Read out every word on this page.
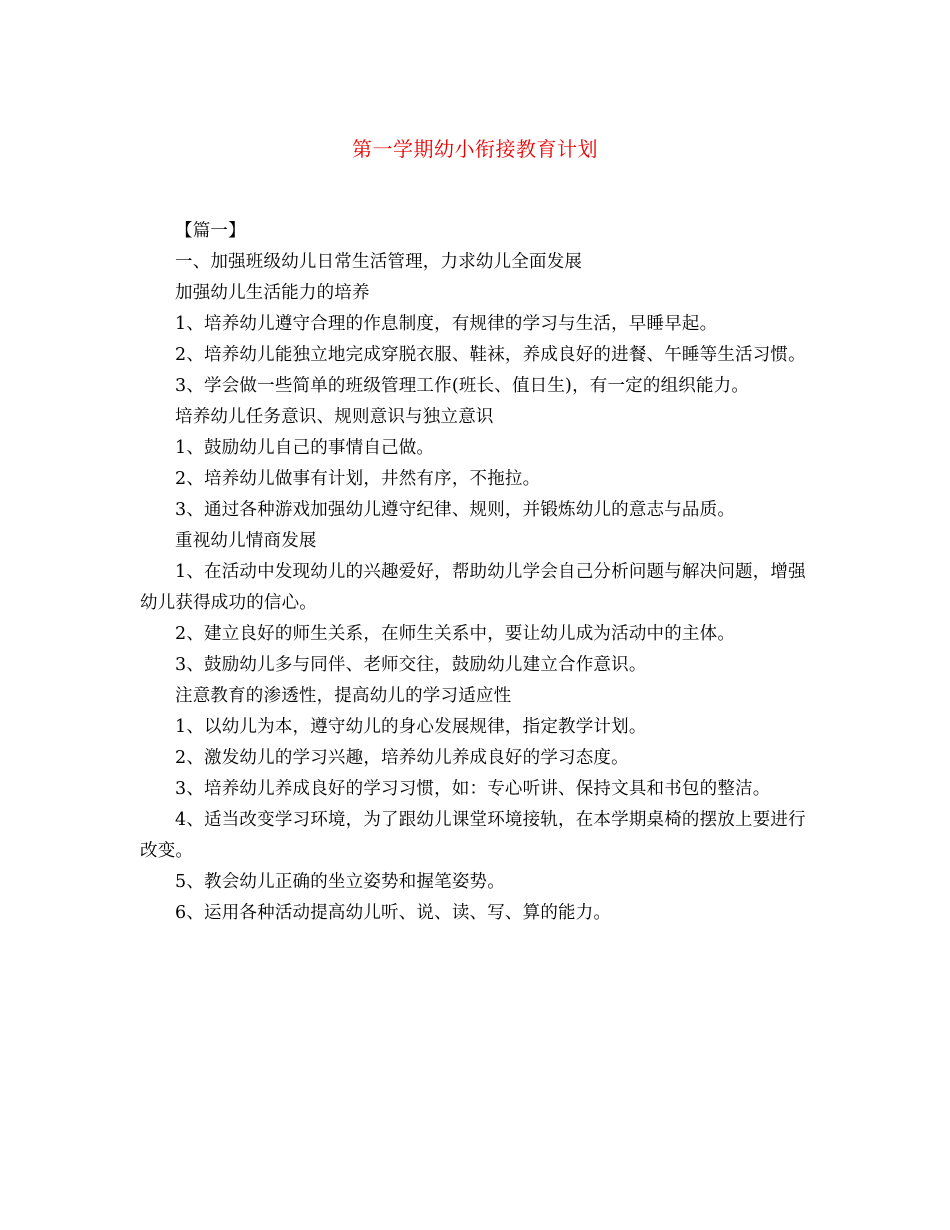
第一学期幼小衔接教育计划

【篇一】

一、加强班级幼儿日常生活管理，力求幼儿全面发展

加强幼儿生活能力的培养

1、培养幼儿遵守合理的作息制度，有规律的学习与生活，早睡早起。

2、培养幼儿能独立地完成穿脱衣服、鞋袜，养成良好的进餐、午睡等生活习惯。

3、学会做一些简单的班级管理工作(班长、值日生)，有一定的组织能力。

培养幼儿任务意识、规则意识与独立意识

1、鼓励幼儿自己的事情自己做。

2、培养幼儿做事有计划，井然有序，不拖拉。

3、通过各种游戏加强幼儿遵守纪律、规则，并锻炼幼儿的意志与品质。

重视幼儿情商发展

1、在活动中发现幼儿的兴趣爱好，帮助幼儿学会自己分析问题与解决问题，增强幼儿获得成功的信心。

2、建立良好的师生关系，在师生关系中，要让幼儿成为活动中的主体。

3、鼓励幼儿多与同伴、老师交往，鼓励幼儿建立合作意识。

注意教育的渗透性，提高幼儿的学习适应性

1、以幼儿为本，遵守幼儿的身心发展规律，指定教学计划。

2、激发幼儿的学习兴趣，培养幼儿养成良好的学习态度。

3、培养幼儿养成良好的学习习惯，如：专心听讲、保持文具和书包的整洁。

4、适当改变学习环境，为了跟幼儿课堂环境接轨，在本学期桌椅的摆放上要进行改变。

5、教会幼儿正确的坐立姿势和握笔姿势。

6、运用各种活动提高幼儿听、说、读、写、算的能力。
